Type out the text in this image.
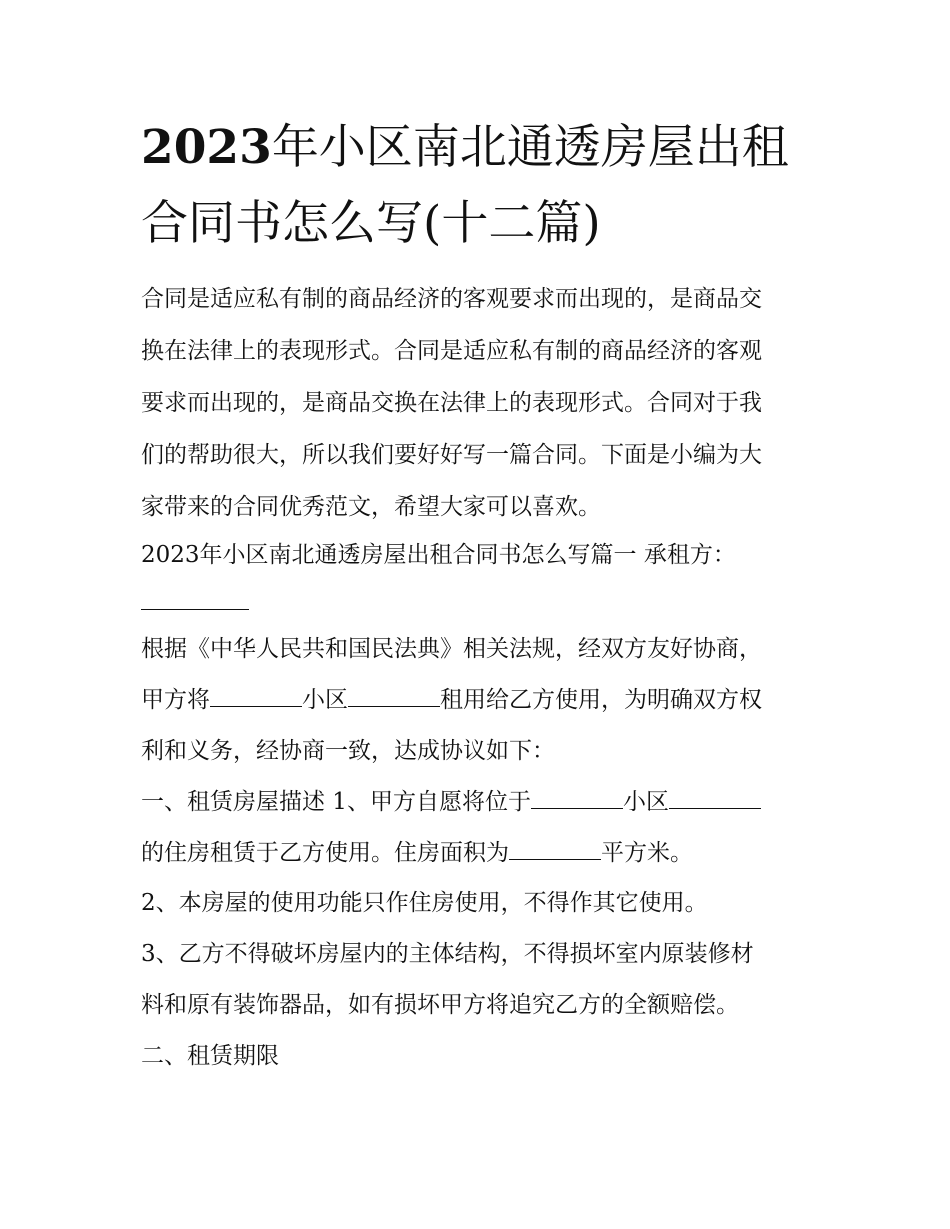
2023年小区南北通透房屋出租
合同书怎么写(十二篇)
合同是适应私有制的商品经济的客观要求而出现的，是商品交
换在法律上的表现形式。合同是适应私有制的商品经济的客观
要求而出现的，是商品交换在法律上的表现形式。合同对于我
们的帮助很大，所以我们要好好写一篇合同。下面是小编为大
家带来的合同优秀范文，希望大家可以喜欢。
2023年小区南北通透房屋出租合同书怎么写篇一 承租方：
根据《中华人民共和国民法典》相关法规，经双方友好协商，
甲方将	小区	租用给乙方使用，为明确双方权
利和义务，经协商一致，达成协议如下：
一、租赁房屋描述 1、甲方自愿将位于	小区
的住房租赁于乙方使用。住房面积为	平方米。
2、本房屋的使用功能只作住房使用，不得作其它使用。
3、乙方不得破坏房屋内的主体结构，不得损坏室内原装修材
料和原有装饰器品，如有损坏甲方将追究乙方的全额赔偿。
二、租赁期限
